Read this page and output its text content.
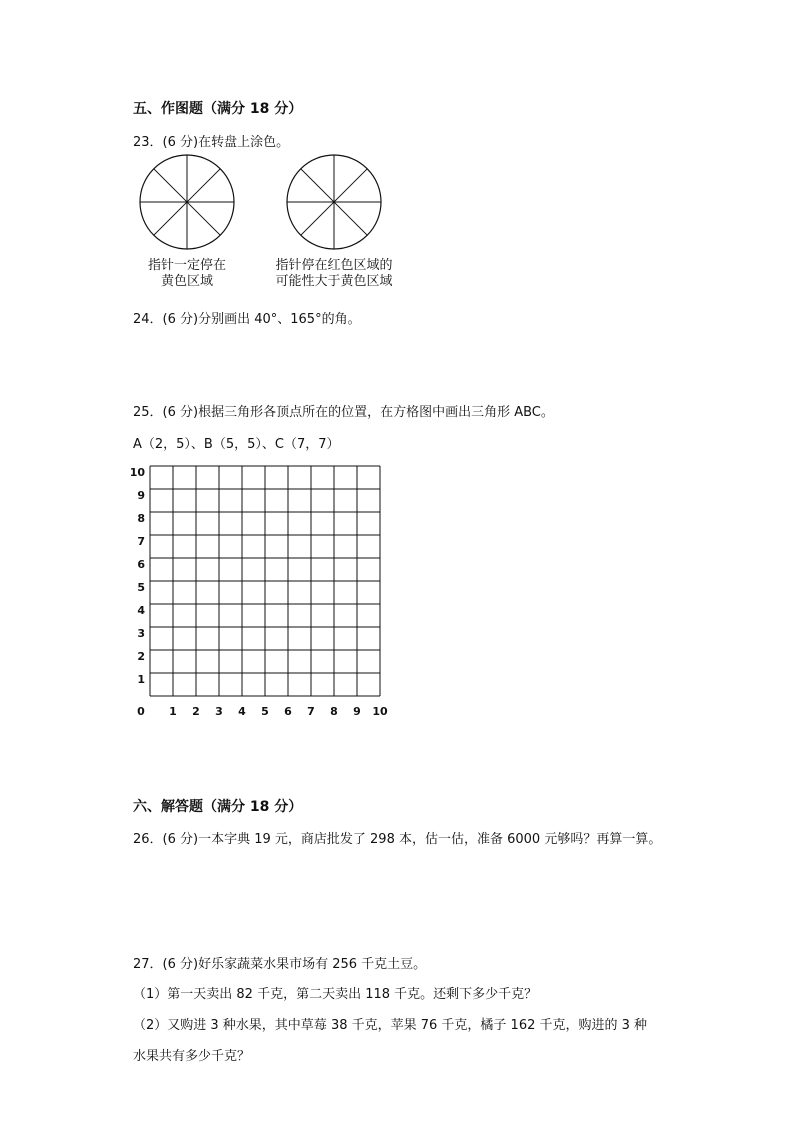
五、作图题（满分 18 分）
23．(6 分)在转盘上涂色。
0 1 2 3 4 5 6 7 8 9 10
1
2
3
4
5
6
7
8
9
10
指针一定停在
黄色区域
指针停在红色区域的
可能性大于黄色区域
24．(6 分)分别画出 40°、165°的角。
25．(6 分)根据三角形各顶点所在的位置，在方格图中画出三角形 ABC。
A（2，5）、B（5，5）、C（7，7）
六、解答题（满分 18 分）
26．(6 分)一本字典 19 元，商店批发了 298 本，估一估，准备 6000 元够吗？再算一算。
27．(6 分)好乐家蔬菜水果市场有 256 千克土豆。
（1）第一天卖出 82 千克，第二天卖出 118 千克。还剩下多少千克？
（2）又购进 3 种水果，其中草莓 38 千克，苹果 76 千克，橘子 162 千克，购进的 3 种
水果共有多少千克？
